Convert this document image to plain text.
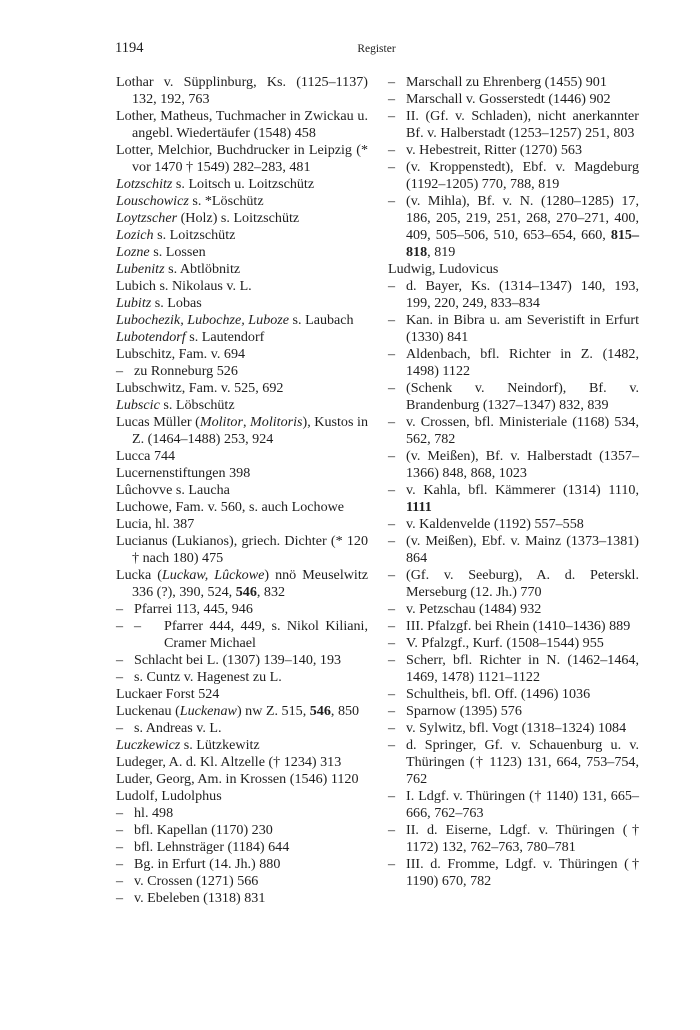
1194	Register
Lothar v. Süpplinburg, Ks. (1125–1137) 132, 192, 763
Lother, Matheus, Tuchmacher in Zwickau u. angebl. Wiedertäufer (1548) 458
Lotter, Melchior, Buchdrucker in Leipzig (* vor 1470 † 1549) 282–283, 481
Lotzschitz s. Loitsch u. Loitzschütz
Louschowicz s. *Löschütz
Loytzscher (Holz) s. Loitzschütz
Lozich s. Loitzschütz
Lozne s. Lossen
Lubenitz s. Abtlöbnitz
Lubich s. Nikolaus v. L.
Lubitz s. Lobas
Lubochezik, Lubochze, Luboze s. Laubach
Lubotendorf s. Lautendorf
Lubschitz, Fam. v. 694
– zu Ronneburg 526
Lubschwitz, Fam. v. 525, 692
Lubscic s. Löbschütz
Lucas Müller (Molitor, Molitoris), Kustos in Z. (1464–1488) 253, 924
Lucca 744
Lucernenstiftungen 398
Lûchovve s. Laucha
Luchowe, Fam. v. 560, s. auch Lochowe
Lucia, hl. 387
Lucianus (Lukianos), griech. Dichter (* 120 † nach 180) 475
Lucka (Luckaw, Lûckowe) nnö Meuselwitz 336 (?), 390, 524, 546, 832
– Pfarrei 113, 445, 946
– – Pfarrer 444, 449, s. Nikol Kiliani, Cramer Michael
– Schlacht bei L. (1307) 139–140, 193
– s. Cuntz v. Hagenest zu L.
Luckaer Forst 524
Luckenau (Luckenaw) nw Z. 515, 546, 850
– s. Andreas v. L.
Luczkewicz s. Lützkewitz
Ludeger, A. d. Kl. Altzelle († 1234) 313
Luder, Georg, Am. in Krossen (1546) 1120
Ludolf, Ludolphus
– hl. 498
– bfl. Kapellan (1170) 230
– bfl. Lehnsträger (1184) 644
– Bg. in Erfurt (14. Jh.) 880
– v. Crossen (1271) 566
– v. Ebeleben (1318) 831
– Marschall zu Ehrenberg (1455) 901
– Marschall v. Gosserstedt (1446) 902
– II. (Gf. v. Schladen), nicht anerkannter Bf. v. Halberstadt (1253–1257) 251, 803
– v. Hebestreit, Ritter (1270) 563
– (v. Kroppenstedt), Ebf. v. Magdeburg (1192–1205) 770, 788, 819
– (v. Mihla), Bf. v. N. (1280–1285) 17, 186, 205, 219, 251, 268, 270–271, 400, 409, 505–506, 510, 653–654, 660, 815–818, 819
Ludwig, Ludovicus
– d. Bayer, Ks. (1314–1347) 140, 193, 199, 220, 249, 833–834
– Kan. in Bibra u. am Severistift in Erfurt (1330) 841
– Aldenbach, bfl. Richter in Z. (1482, 1498) 1122
– (Schenk v. Neindorf), Bf. v. Brandenburg (1327–1347) 832, 839
– v. Crossen, bfl. Ministeriale (1168) 534, 562, 782
– (v. Meißen), Bf. v. Halberstadt (1357–1366) 848, 868, 1023
– v. Kahla, bfl. Kämmerer (1314) 1110, 1111
– v. Kaldenvelde (1192) 557–558
– (v. Meißen), Ebf. v. Mainz (1373–1381) 864
– (Gf. v. Seeburg), A. d. Peterskl. Merseburg (12. Jh.) 770
– v. Petzschau (1484) 932
– III. Pfalzgf. bei Rhein (1410–1436) 889
– V. Pfalzgf., Kurf. (1508–1544) 955
– Scherr, bfl. Richter in N. (1462–1464, 1469, 1478) 1121–1122
– Schultheis, bfl. Off. (1496) 1036
– Sparnow (1395) 576
– v. Sylwitz, bfl. Vogt (1318–1324) 1084
– d. Springer, Gf. v. Schauenburg u. v. Thüringen († 1123) 131, 664, 753–754, 762
– I. Ldgf. v. Thüringen († 1140) 131, 665–666, 762–763
– II. d. Eiserne, Ldgf. v. Thüringen († 1172) 132, 762–763, 780–781
– III. d. Fromme, Ldgf. v. Thüringen († 1190) 670, 782
